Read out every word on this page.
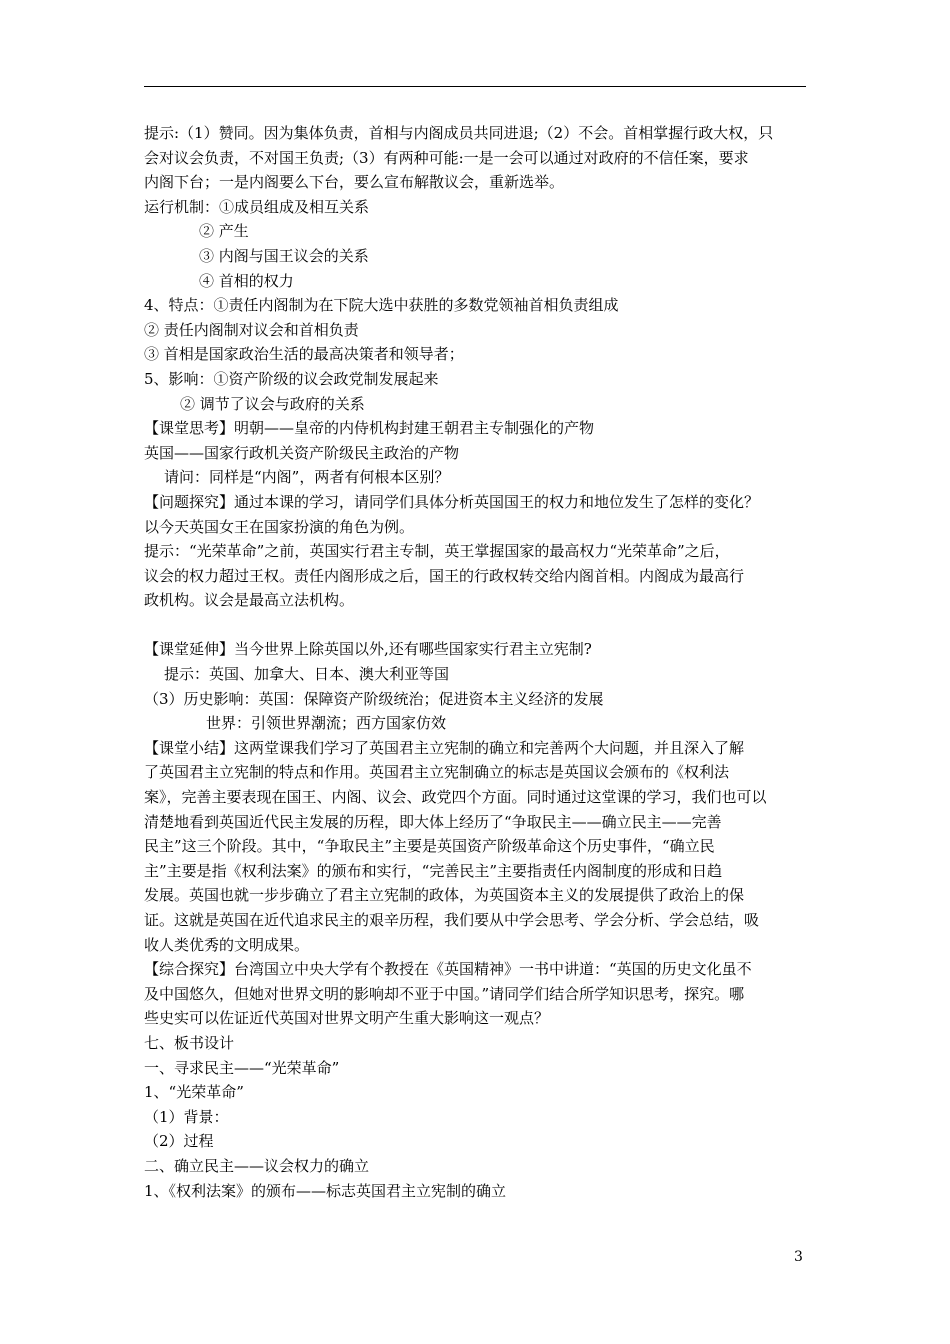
提示:（1）赞同。因为集体负责，首相与内阁成员共同进退;（2）不会。首相掌握行政大权，只
会对议会负责，不对国王负责;（3）有两种可能:一是一会可以通过对政府的不信任案，要求
内阁下台；一是内阁要么下台，要么宣布解散议会，重新选举。
运行机制：①成员组成及相互关系
② 产生
③ 内阁与国王议会的关系
④ 首相的权力
4、特点：①责任内阁制为在下院大选中获胜的多数党领袖首相负责组成
② 责任内阁制对议会和首相负责
③ 首相是国家政治生活的最高决策者和领导者；
5、影响：①资产阶级的议会政党制发展起来
② 调节了议会与政府的关系
【课堂思考】明朝——皇帝的内侍机构封建王朝君主专制强化的产物
英国——国家行政机关资产阶级民主政治的产物
请问：同样是“内阁”，两者有何根本区别？
【问题探究】通过本课的学习，请同学们具体分析英国国王的权力和地位发生了怎样的变化？
以今天英国女王在国家扮演的角色为例。
提示：“光荣革命”之前，英国实行君主专制，英王掌握国家的最高权力“光荣革命”之后，
议会的权力超过王权。责任内阁形成之后，国王的行政权转交给内阁首相。内阁成为最高行
政机构。议会是最高立法机构。
【课堂延伸】当今世界上除英国以外,还有哪些国家实行君主立宪制?
提示：英国、加拿大、日本、澳大利亚等国
（3）历史影响：英国：保障资产阶级统治；促进资本主义经济的发展
世界：引领世界潮流；西方国家仿效
【课堂小结】这两堂课我们学习了英国君主立宪制的确立和完善两个大问题，并且深入了解
了英国君主立宪制的特点和作用。英国君主立宪制确立的标志是英国议会颁布的《权利法
案》，完善主要表现在国王、内阁、议会、政党四个方面。同时通过这堂课的学习，我们也可以
清楚地看到英国近代民主发展的历程，即大体上经历了“争取民主——确立民主——完善
民主”这三个阶段。其中，“争取民主”主要是英国资产阶级革命这个历史事件，“确立民
主”主要是指《权利法案》的颁布和实行，“完善民主”主要指责任内阁制度的形成和日趋
发展。英国也就一步步确立了君主立宪制的政体，为英国资本主义的发展提供了政治上的保
证。这就是英国在近代追求民主的艰辛历程，我们要从中学会思考、学会分析、学会总结，吸
收人类优秀的文明成果。
【综合探究】台湾国立中央大学有个教授在《英国精神》一书中讲道：“英国的历史文化虽不
及中国悠久，但她对世界文明的影响却不亚于中国。”请同学们结合所学知识思考，探究。哪
些史实可以佐证近代英国对世界文明产生重大影响这一观点？
七、板书设计
一、寻求民主——“光荣革命”
1、“光荣革命”
（1）背景：
（2）过程
二、确立民主——议会权力的确立
1、《权利法案》的颁布——标志英国君主立宪制的确立
3
